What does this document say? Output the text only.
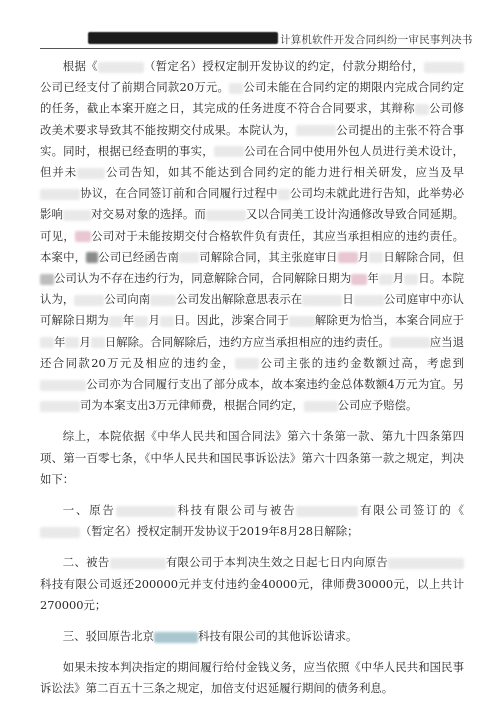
计算机软件开发合同纠纷一审民事判决书

根据《	（暂定名）授权定制开发协议的约定，付款分期给付，公司已经支付了前期合同款20万元。 公司未能在合同约定的期限内完成合同约定的任务，截止本案开庭之日，其完成的任务进度不符合合同要求，其辩称 公司修改美术要求导致其不能按期交付成果。本院认为，	公司提出的主张不符合事实。同时，根据已经查明的事实，	公司在合同中使用外包人员进行美术设计，但并未 公司告知，如其不能达到合同约定的能力进行相关研发，应当及早协议，在合同签订前和合同履行过程中 公司均未就此进行告知，此举势必影响 对交易对象的选择。而	又以合同美工设计沟通修改导致合同延期。可见， 公司对于未能按期交付合格软件负有责任，其应当承担相应的违约责任。本案中， 公司已经函告南 司解除合同，其主张庭审日 月 日解除合同，但公司认为不存在违约行为，同意解除合同，合同解除日期为 年 月 日。本院认为，	公司向南 公司发出解除意思表示在	日	公司庭审中亦认可解除日期为 年 月 日。因此，涉案合同于 解除更为恰当，本案合同应于年 月 日解除。合同解除后，违约方应当承担相应的违约责任。	应当退还合同款20万元及相应的违约金， 公司主张的违约金数额过高，考虑到公司亦为合同履行支出了部分成本，故本案违约金总体数额4万元为宜。另司为本案支出3万元律师费，根据合同约定，	公司应予赔偿。

综上，本院依据《中华人民共和国合同法》第六十条第一款、第九十四条第四项、第一百零七条，《中华人民共和国民事诉讼法》第六十四条第一款之规定，判决如下：

一、原告	科技有限公司与被告	有限公司签订的《（暂定名）授权定制开发协议于2019年8月28日解除；

二、被告	有限公司于本判决生效之日起七日内向原告科技有限公司返还200000元并支付违约金40000元，律师费30000元，以上共计270000元；

三、驳回原告北京	科技有限公司的其他诉讼请求。

如果未按本判决指定的期间履行给付金钱义务，应当依照《中华人民共和国民事诉讼法》第二百五十三条之规定，加倍支付迟延履行期间的债务利息。
